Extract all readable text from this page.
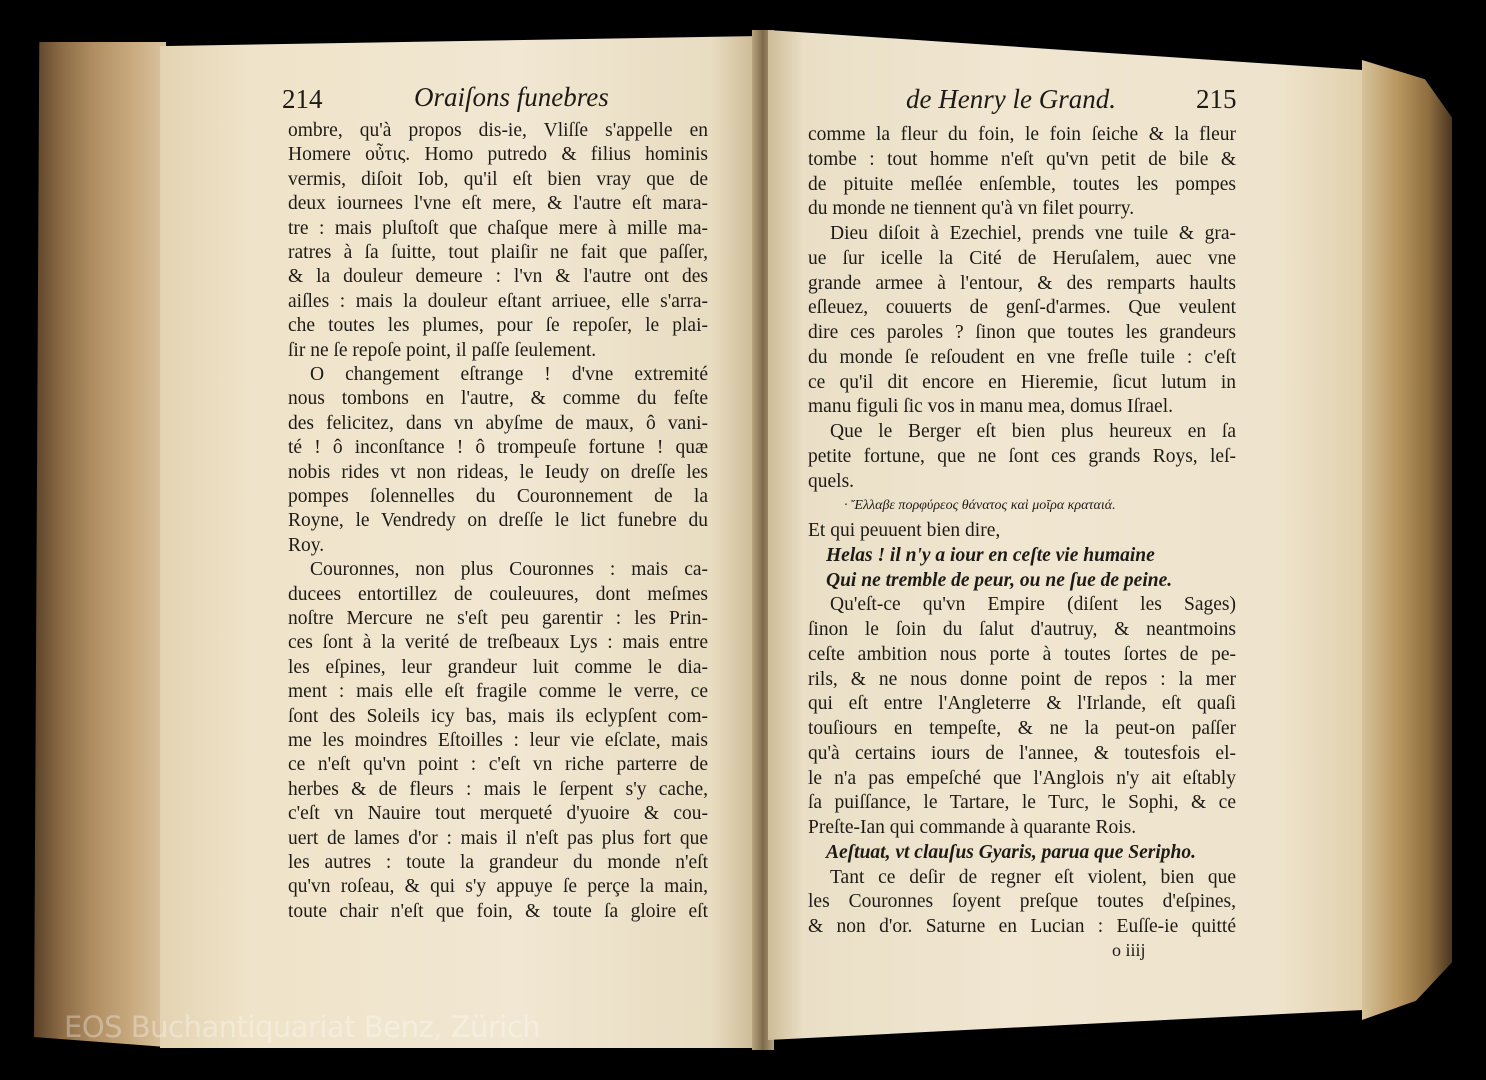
214	Oraiſons funebres	de Henry le Grand.	215
ombre, qu'à propos dis-ie, Vliſſe s'appelle en
Homere οὖτις. Homo putredo & filius hominis
vermis, diſoit Iob, qu'il eſt bien vray que de
deux iournees l'vne eſt mere, & l'autre eſt mara-
tre : mais pluſtoſt que chaſque mere à mille ma-
ratres à ſa ſuitte, tout plaiſir ne fait que paſſer,
& la douleur demeure : l'vn & l'autre ont des
aiſles : mais la douleur eſtant arriuee, elle s'arra-
che toutes les plumes, pour ſe repoſer, le plai-
ſir ne ſe repoſe point, il paſſe ſeulement.
O changement eſtrange ! d'vne extremité
nous tombons en l'autre, & comme du feſte
des felicitez, dans vn abyſme de maux, ô vani-
té ! ô inconſtance ! ô trompeuſe fortune ! quæ
nobis rides vt non rideas, le Ieudy on dreſſe les
pompes ſolennelles du Couronnement de la
Royne, le Vendredy on dreſſe le lict funebre du
Roy.
Couronnes, non plus Couronnes : mais ca-
ducees entortillez de couleuures, dont meſmes
noſtre Mercure ne s'eſt peu garentir : les Prin-
ces ſont à la verité de treſbeaux Lys : mais entre
les eſpines, leur grandeur luit comme le dia-
ment : mais elle eſt fragile comme le verre, ce
ſont des Soleils icy bas, mais ils eclypſent com-
me les moindres Eſtoilles : leur vie eſclate, mais
ce n'eſt qu'vn point : c'eſt vn riche parterre de
herbes & de fleurs : mais le ſerpent s'y cache,
c'eſt vn Nauire tout merqueté d'yuoire & cou-
uert de lames d'or : mais il n'eſt pas plus fort que
les autres : toute la grandeur du monde n'eſt
qu'vn roſeau, & qui s'y appuye ſe perçe la main,
toute chair n'eſt que foin, & toute ſa gloire eſt
comme la fleur du foin, le foin ſeiche & la fleur
tombe : tout homme n'eſt qu'vn petit de bile &
de pituite meſlée enſemble, toutes les pompes
du monde ne tiennent qu'à vn filet pourry.
Dieu diſoit à Ezechiel, prends vne tuile & gra-
ue ſur icelle la Cité de Heruſalem, auec vne
grande armee à l'entour, & des remparts haults
eſleuez, couuerts de genſ-d'armes. Que veulent
dire ces paroles ? ſinon que toutes les grandeurs
du monde ſe reſoudent en vne freſle tuile : c'eſt
ce qu'il dit encore en Hieremie, ſicut lutum in
manu figuli ſic vos in manu mea, domus Iſrael.
Que le Berger eſt bien plus heureux en ſa
petite fortune, que ne ſont ces grands Roys, leſ-
quels.
· Ἔλλαβε πορφύρεος θάνατος καὶ μοῖρα κραταιά.
Et qui peuuent bien dire,
Helas ! il n'y a iour en ceſte vie humaine
Qui ne tremble de peur, ou ne ſue de peine.
Qu'eſt-ce qu'vn Empire (diſent les Sages)
ſinon le ſoin du ſalut d'autruy, & neantmoins
ceſte ambition nous porte à toutes ſortes de pe-
rils, & ne nous donne point de repos : la mer
qui eſt entre l'Angleterre & l'Irlande, eſt quaſi
touſiours en tempeſte, & ne la peut-on paſſer
qu'à certains iours de l'annee, & toutesfois el-
le n'a pas empeſché que l'Anglois n'y ait eſtably
ſa puiſſance, le Tartare, le Turc, le Sophi, & ce
Preſte-Ian qui commande à quarante Rois.
Aeſtuat, vt clauſus Gyaris, parua que Seripho.
Tant ce deſir de regner eſt violent, bien que
les Couronnes ſoyent preſque toutes d'eſpines,
& non d'or. Saturne en Lucian : Euſſe-ie quitté
o iiij
EOS Buchantiquariat Benz, Zürich
